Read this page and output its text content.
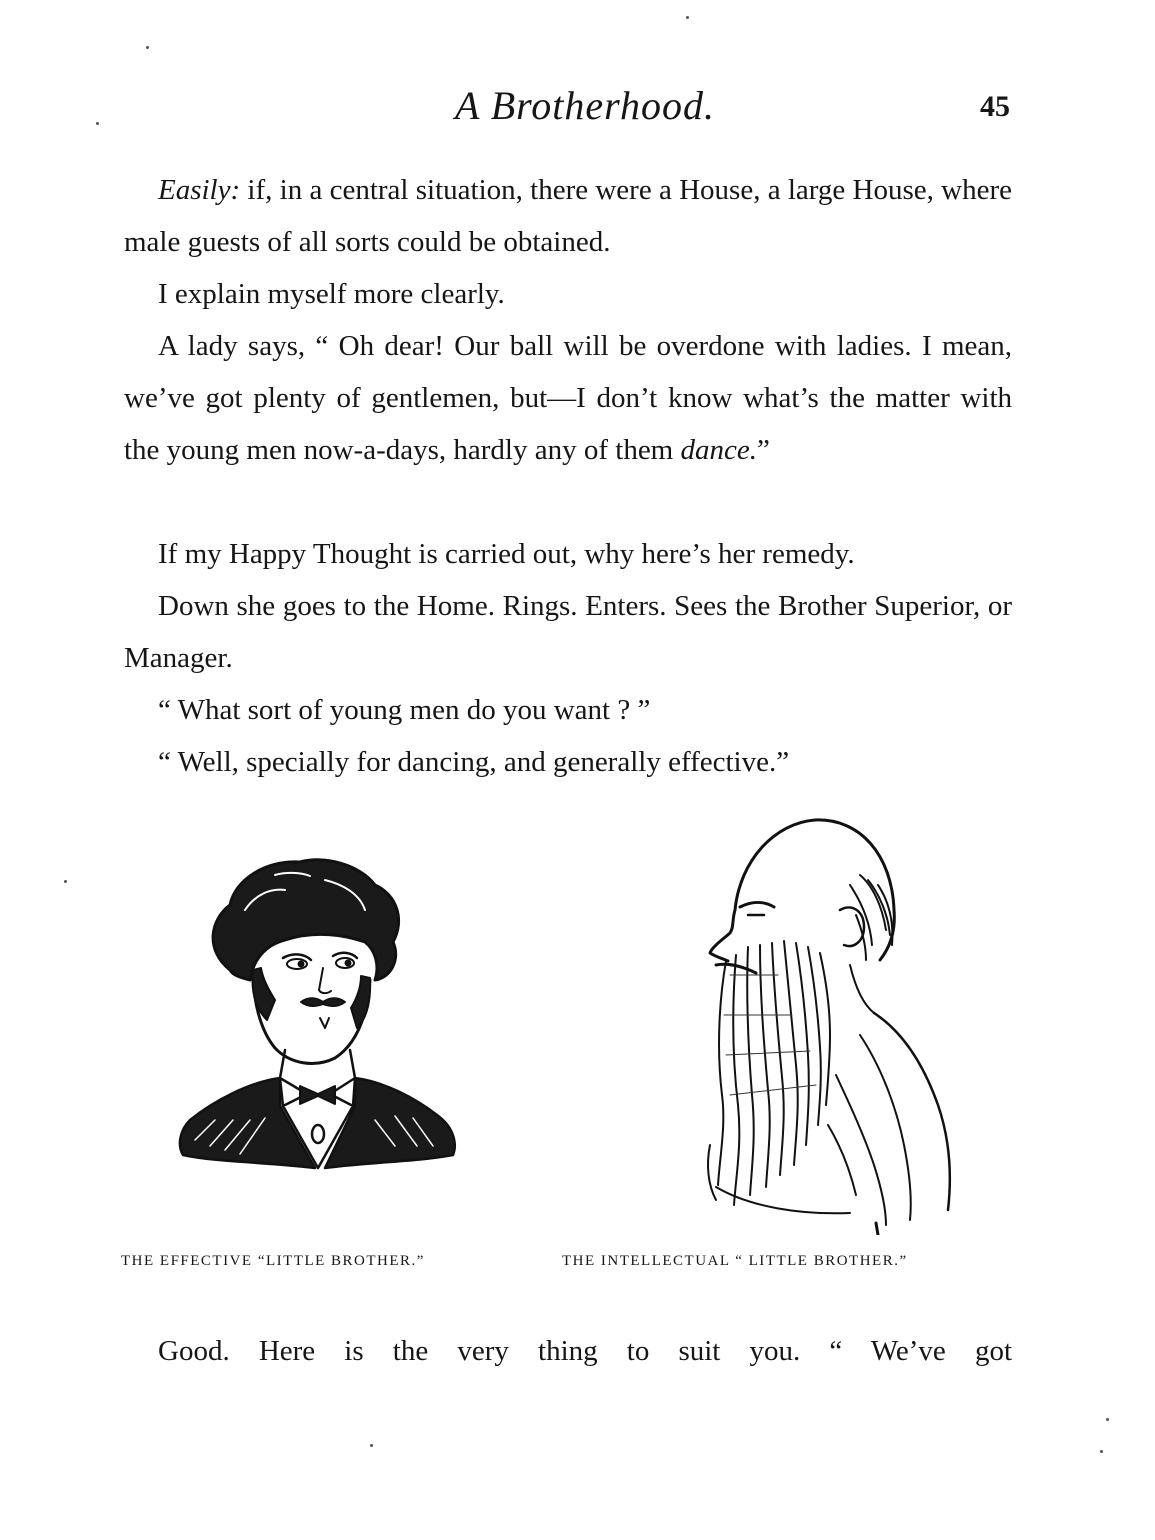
A Brotherhood.	45

Easily: if, in a central situation, there were a House, a large House, where male guests of all sorts could be obtained.

I explain myself more clearly.

A lady says, “ Oh dear! Our ball will be overdone with ladies. I mean, we’ve got plenty of gentlemen, but—I don’t know what’s the matter with the young men now-a-days, hardly any of them dance.”

If my Happy Thought is carried out, why here’s her remedy.

Down she goes to the Home. Rings. Enters. Sees the Brother Superior, or Manager.

“ What sort of young men do you want ? ”

“ Well, specially for dancing, and generally effective.”

THE EFFECTIVE “LITTLE BROTHER.”	THE INTELLECTUAL “ LITTLE BROTHER.”

Good. Here is the very thing to suit you. “ We’ve got
